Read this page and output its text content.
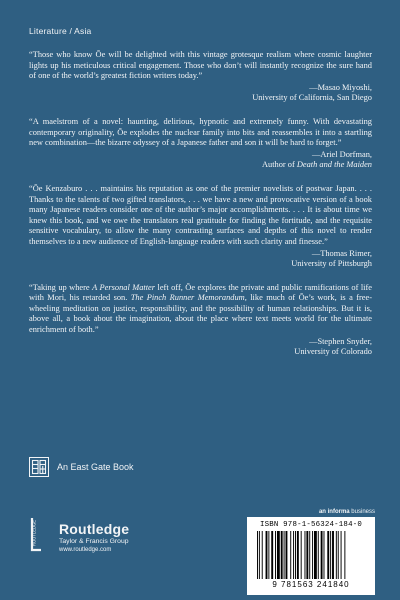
Literature / Asia

“Those who know Ōe will be delighted with this vintage grotesque realism where cosmic laughter lights up his meticulous critical engagement. Those who don’t will instantly recognize the sure hand of one of the world’s greatest fiction writers today.”

—Masao Miyoshi,
University of California, San Diego

“A maelstrom of a novel: haunting, delirious, hypnotic and extremely funny. With devastating contemporary originality, Ōe explodes the nuclear family into bits and reassembles it into a startling new combination—the bizarre odyssey of a Japanese father and son it will be hard to forget.”

—Ariel Dorfman,
Author of Death and the Maiden

“Ōe Kenzaburo . . . maintains his reputation as one of the premier novelists of postwar Japan. . . . Thanks to the talents of two gifted translators, . . . we have a new and provocative version of a book many Japanese readers consider one of the author’s major accomplishments. . . . It is about time we knew this book, and we owe the translators real gratitude for finding the fortitude, and the requisite sensitive vocabulary, to allow the many contrasting surfaces and depths of this novel to render themselves to a new audience of English-language readers with such clarity and finesse.”

—Thomas Rimer,
University of Pittsburgh

“Taking up where A Personal Matter left off, Ōe explores the private and public ramifications of life with Mori, his retarded son. The Pinch Runner Memorandum, like much of Ōe’s work, is a free-wheeling meditation on justice, responsibility, and the possibility of human relationships. But it is, above all, a book about the imagination, about the place where text meets world for the ultimate enrichment of both.”

—Stephen Snyder,
University of Colorado
An East Gate Book
ROUTLEDGE Routledge
Taylor & Francis Group
www.routledge.com
an informa business
ISBN 978-1-56324-184-0
9 781563 241840
